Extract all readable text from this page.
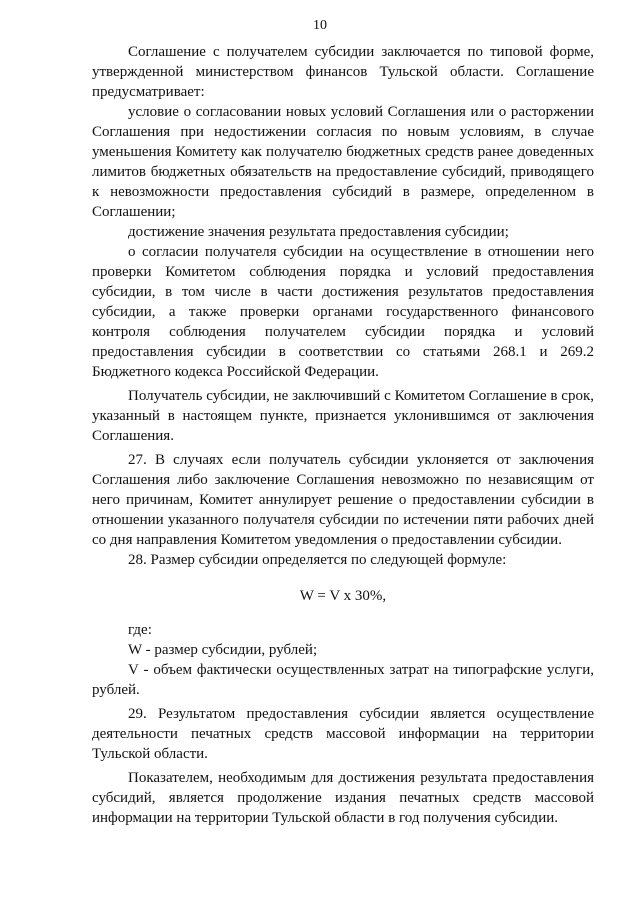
10

Соглашение с получателем субсидии заключается по типовой форме, утвержденной министерством финансов Тульской области. Соглашение предусматривает:

условие о согласовании новых условий Соглашения или о расторжении Соглашения при недостижении согласия по новым условиям, в случае уменьшения Комитету как получателю бюджетных средств ранее доведенных лимитов бюджетных обязательств на предоставление субсидий, приводящего к невозможности предоставления субсидий в размере, определенном в Соглашении;

достижение значения результата предоставления субсидии;

о согласии получателя субсидии на осуществление в отношении него проверки Комитетом соблюдения порядка и условий предоставления субсидии, в том числе в части достижения результатов предоставления субсидии, а также проверки органами государственного финансового контроля соблюдения получателем субсидии порядка и условий предоставления субсидии в соответствии со статьями 268.1 и 269.2 Бюджетного кодекса Российской Федерации.

Получатель субсидии, не заключивший с Комитетом Соглашение в срок, указанный в настоящем пункте, признается уклонившимся от заключения Соглашения.

27. В случаях если получатель субсидии уклоняется от заключения Соглашения либо заключение Соглашения невозможно по независящим от него причинам, Комитет аннулирует решение о предоставлении субсидии в отношении указанного получателя субсидии по истечении пяти рабочих дней со дня направления Комитетом уведомления о предоставлении субсидии.

28. Размер субсидии определяется по следующей формуле:

W = V x 30%,

где:

W - размер субсидии, рублей;

V - объем фактически осуществленных затрат на типографские услуги, рублей.

29. Результатом предоставления субсидии является осуществление деятельности печатных средств массовой информации на территории Тульской области.

Показателем, необходимым для достижения результата предоставления субсидий, является продолжение издания печатных средств массовой информации на территории Тульской области в год получения субсидии.
